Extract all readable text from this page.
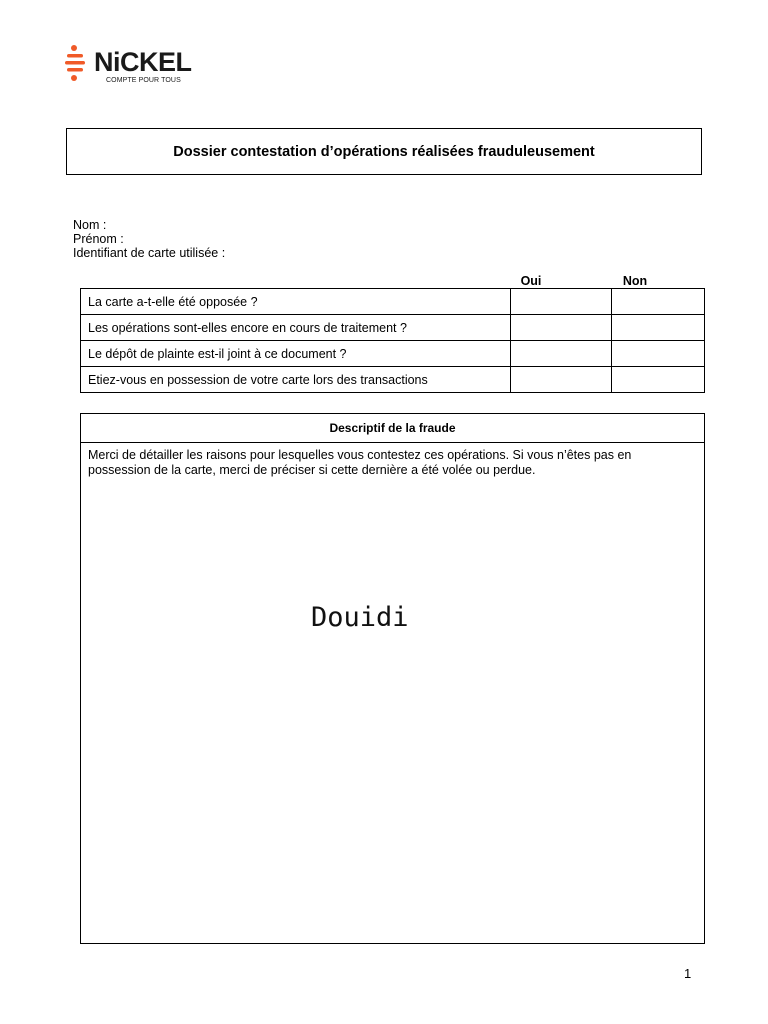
NiCKEL
COMPTE POUR TOUS
Dossier contestation d’opérations réalisées frauduleusement
Nom :
Prénom :
Identifiant de carte utilisée :
Oui	Non
La carte a-t-elle été opposée ?		
Les opérations sont-elles encore en cours de traitement ?		
Le dépôt de plainte est-il joint à ce document ?		
Etiez-vous en possession de votre carte lors des transactions		
Descriptif de la fraude
Merci de détailler les raisons pour lesquelles vous contestez ces opérations. Si vous n’êtes pas en possession de la carte, merci de préciser si cette dernière a été volée ou perdue.
Douidi
1
